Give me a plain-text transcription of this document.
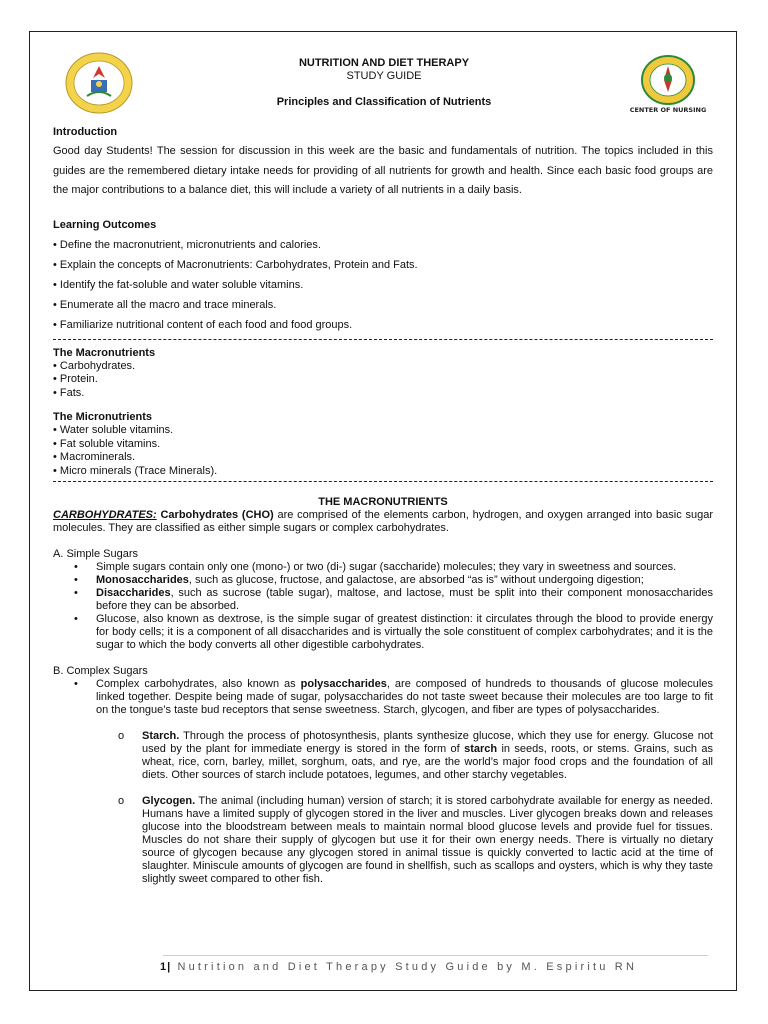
CENTER OF NURSING
NUTRITION AND DIET THERAPY
STUDY GUIDE
Principles and Classification of Nutrients

Introduction

Good day Students! The session for discussion in this week are the basic and fundamentals of nutrition. The topics included in this guides are the remembered dietary intake needs for providing of all nutrients for growth and health. Since each basic food groups are the major contributions to a balance diet, this will include a variety of all nutrients in a daily basis.

Learning Outcomes

• Define the macronutrient, micronutrients and calories.
• Explain the concepts of Macronutrients: Carbohydrates, Protein and Fats.
• Identify the fat-soluble and water soluble vitamins.
• Enumerate all the macro and trace minerals.
• Familiarize nutritional content of each food and food groups.

The Macronutrients

• Carbohydrates.
• Protein.
• Fats.

The Micronutrients

• Water soluble vitamins.
• Fat soluble vitamins.
• Macrominerals.
• Micro minerals (Trace Minerals).

THE MACRONUTRIENTS

CARBOHYDRATES: Carbohydrates (CHO) are comprised of the elements carbon, hydrogen, and oxygen arranged into basic sugar molecules. They are classified as either simple sugars or complex carbohydrates.

A. Simple Sugars

• Simple sugars contain only one (mono-) or two (di-) sugar (saccharide) molecules; they vary in sweetness and sources.
• Monosaccharides, such as glucose, fructose, and galactose, are absorbed “as is” without undergoing digestion;
• Disaccharides, such as sucrose (table sugar), maltose, and lactose, must be split into their component monosaccharides before they can be absorbed.
• Glucose, also known as dextrose, is the simple sugar of greatest distinction: it circulates through the blood to provide energy for body cells; it is a component of all disaccharides and is virtually the sole constituent of complex carbohydrates; and it is the sugar to which the body converts all other digestible carbohydrates.

B. Complex Sugars

• Complex carbohydrates, also known as polysaccharides, are composed of hundreds to thousands of glucose molecules linked together. Despite being made of sugar, polysaccharides do not taste sweet because their molecules are too large to fit on the tongue’s taste bud receptors that sense sweetness. Starch, glycogen, and fiber are types of polysaccharides.

o Starch. Through the process of photosynthesis, plants synthesize glucose, which they use for energy. Glucose not used by the plant for immediate energy is stored in the form of starch in seeds, roots, or stems. Grains, such as wheat, rice, corn, barley, millet, sorghum, oats, and rye, are the world’s major food crops and the foundation of all diets. Other sources of starch include potatoes, legumes, and other starchy vegetables.

o Glycogen. The animal (including human) version of starch; it is stored carbohydrate available for energy as needed. Humans have a limited supply of glycogen stored in the liver and muscles. Liver glycogen breaks down and releases glucose into the bloodstream between meals to maintain normal blood glucose levels and provide fuel for tissues. Muscles do not share their supply of glycogen but use it for their own energy needs. There is virtually no dietary source of glycogen because any glycogen stored in animal tissue is quickly converted to lactic acid at the time of slaughter. Miniscule amounts of glycogen are found in shellfish, such as scallops and oysters, which is why they taste slightly sweet compared to other fish.

1| Nutrition and Diet Therapy Study Guide by M. Espiritu RN
